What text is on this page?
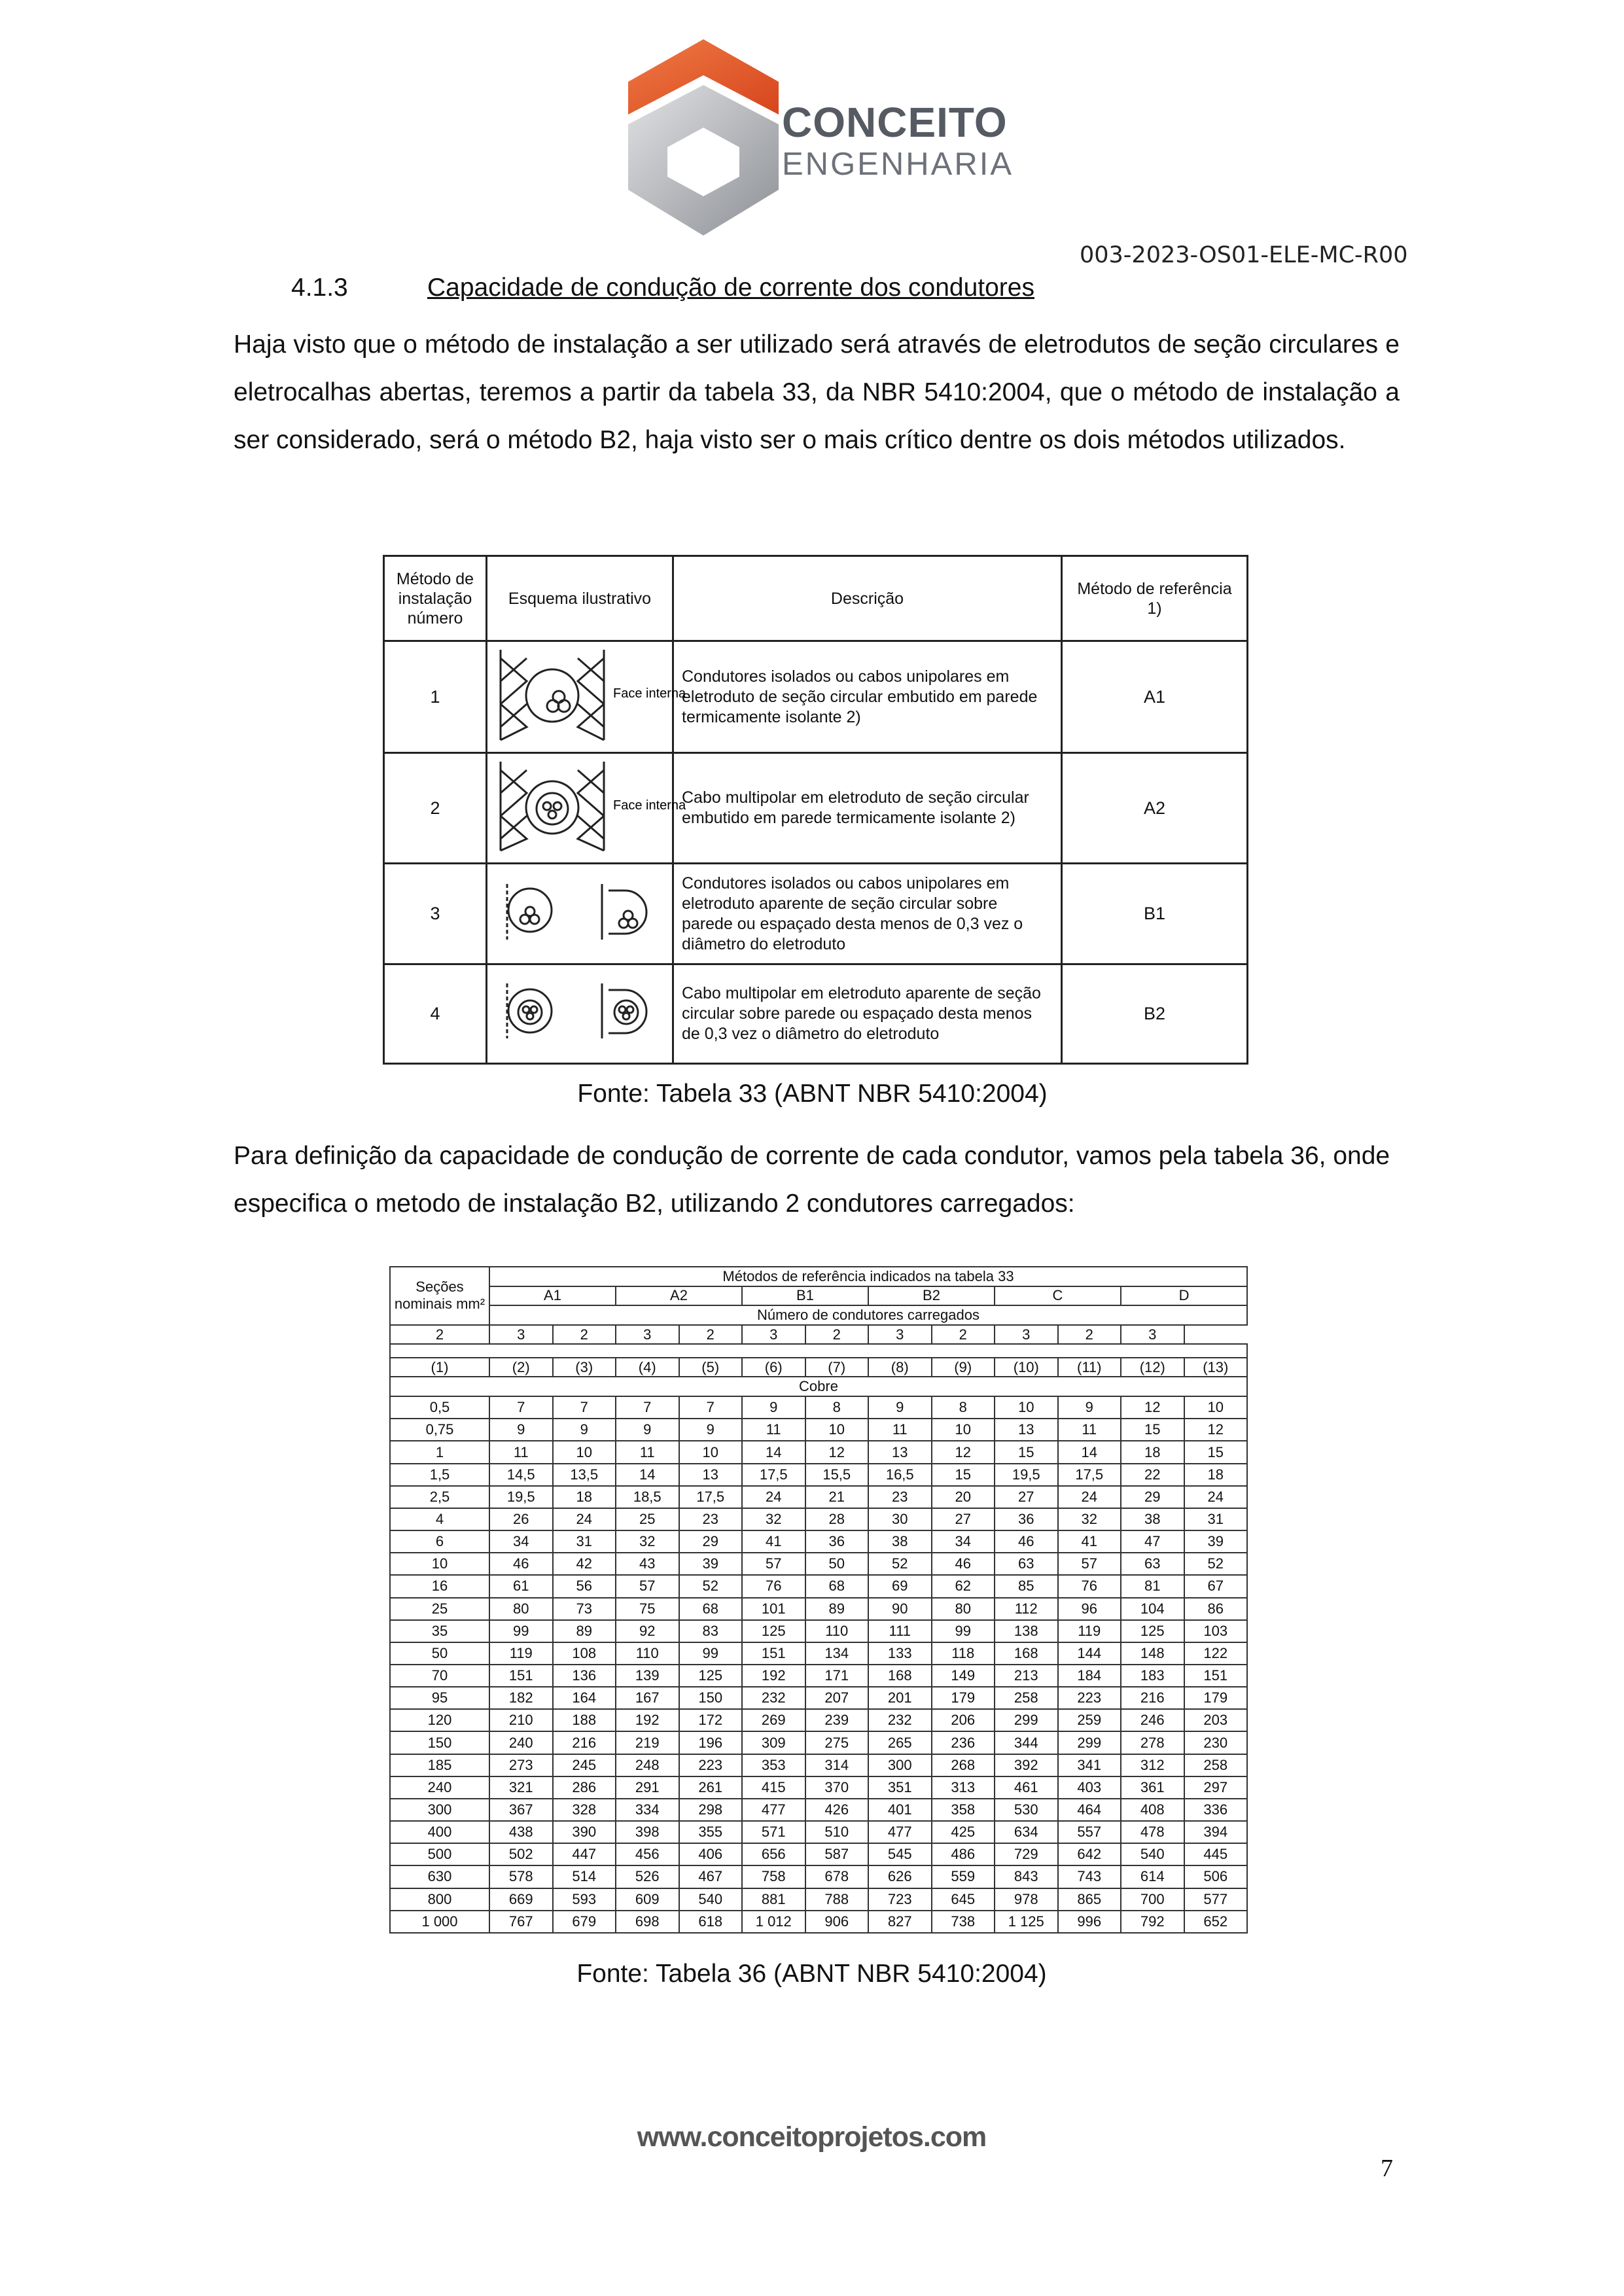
CONCEITO
ENGENHARIA
003-2023-OS01-ELE-MC-R00
4.1.3	Capacidade de condução de corrente dos condutores
Haja visto que o método de instalação a ser utilizado será através de eletrodutos de seção circulares e eletrocalhas abertas, teremos a partir da tabela 33, da NBR 5410:2004, que o método de instalação a ser considerado, será o método B2, haja visto ser o mais crítico dentre os dois métodos utilizados.
Método de instalação número	Esquema ilustrativo	Descrição	Método de referência 1)
1	Face interna	Condutores isolados ou cabos unipolares em eletroduto de seção circular embutido em parede termicamente isolante 2)	A1
2	Face interna	Cabo multipolar em eletroduto de seção circular embutido em parede termicamente isolante 2)	A2
3		Condutores isolados ou cabos unipolares em eletroduto aparente de seção circular sobre parede ou espaçado desta menos de 0,3 vez o diâmetro do eletroduto	B1
4		Cabo multipolar em eletroduto aparente de seção circular sobre parede ou espaçado desta menos de 0,3 vez o diâmetro do eletroduto	B2
Fonte: Tabela 33 (ABNT NBR 5410:2004)
Para definição da capacidade de condução de corrente de cada condutor, vamos pela tabela 36, onde especifica o metodo de instalação B2, utilizando 2 condutores carregados:
Seções nominais mm²	Métodos de referência indicados na tabela 33											
	A1		A2		B1		B2		C		D	
	Número de condutores carregados											
2	3	2	3	2	3	2	3	2	3	2	3	

(1)	(2)	(3)	(4)	(5)	(6)	(7)	(8)	(9)	(10)	(11)	(12)	(13)
Cobre												
0,5	7	7	7	7	9	8	9	8	10	9	12	10
0,75	9	9	9	9	11	10	11	10	13	11	15	12
1	11	10	11	10	14	12	13	12	15	14	18	15
1,5	14,5	13,5	14	13	17,5	15,5	16,5	15	19,5	17,5	22	18
2,5	19,5	18	18,5	17,5	24	21	23	20	27	24	29	24
4	26	24	25	23	32	28	30	27	36	32	38	31
6	34	31	32	29	41	36	38	34	46	41	47	39
10	46	42	43	39	57	50	52	46	63	57	63	52
16	61	56	57	52	76	68	69	62	85	76	81	67
25	80	73	75	68	101	89	90	80	112	96	104	86
35	99	89	92	83	125	110	111	99	138	119	125	103
50	119	108	110	99	151	134	133	118	168	144	148	122
70	151	136	139	125	192	171	168	149	213	184	183	151
95	182	164	167	150	232	207	201	179	258	223	216	179
120	210	188	192	172	269	239	232	206	299	259	246	203
150	240	216	219	196	309	275	265	236	344	299	278	230
185	273	245	248	223	353	314	300	268	392	341	312	258
240	321	286	291	261	415	370	351	313	461	403	361	297
300	367	328	334	298	477	426	401	358	530	464	408	336
400	438	390	398	355	571	510	477	425	634	557	478	394
500	502	447	456	406	656	587	545	486	729	642	540	445
630	578	514	526	467	758	678	626	559	843	743	614	506
800	669	593	609	540	881	788	723	645	978	865	700	577
1 000	767	679	698	618	1 012	906	827	738	1 125	996	792	652
Fonte: Tabela 36 (ABNT NBR 5410:2004)
www.conceitoprojetos.com
7
